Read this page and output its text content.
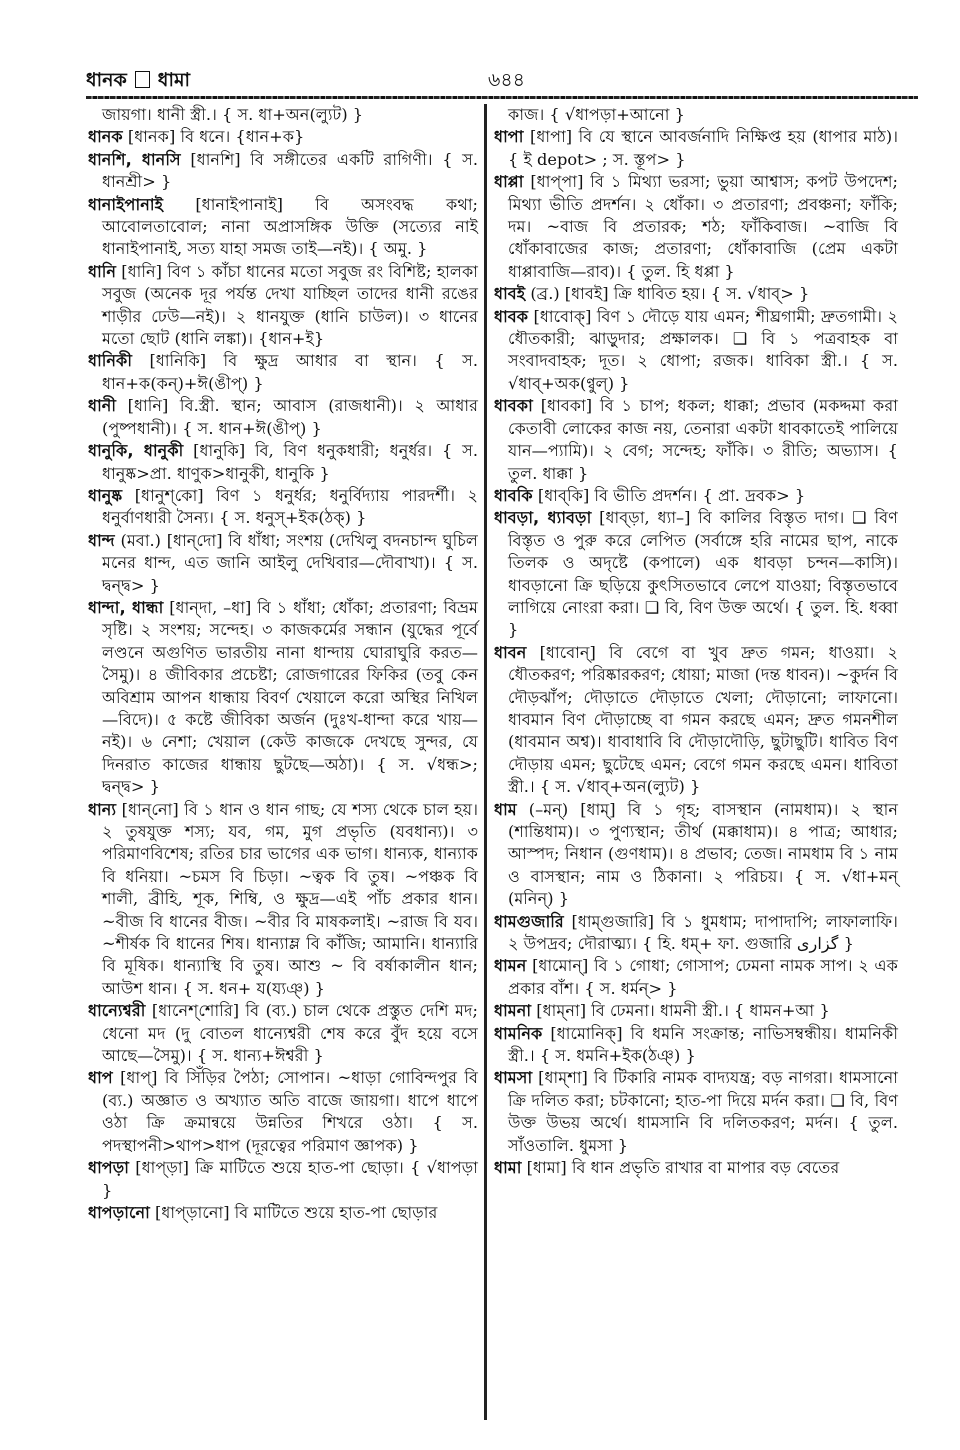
ধানক ধামা	৬৪৪

জায়গা। ধানী স্ত্রী.। { স. ধা+অন(ল্যুট) }

ধানক [ধানক] বি ধনে। {ধান+ক}

ধানশি, ধানসি [ধানশি] বি সঙ্গীতের একটি রাগিণী। { স. ধানশ্রী> }

ধানাইপানাই [ধানাইপানাই] বি অসংবদ্ধ কথা; আবোলতাবোল; নানা অপ্রাসঙ্গিক উক্তি (সত্যের নাই ধানাইপানাই, সত্য যাহা সমজ তাই—নই)। { অমু. }

ধানি [ধানি] বিণ ১ কাঁচা ধানের মতো সবুজ রং বিশিষ্ট; হালকা সবুজ (অনেক দূর পর্যন্ত দেখা যাচ্ছিল তাদের ধানী রঙের শাড়ীর ঢেউ—নই)। ২ ধানযুক্ত (ধানি চাউল)। ৩ ধানের মতো ছোট (ধানি লঙ্কা)। {ধান+ই}

ধানিকী [ধানিকি] বি ক্ষুদ্র আধার বা স্থান। { স. ধান+ক(কন্)+ঈ(ঙীপ্) }

ধানী [ধানি] বি.স্ত্রী. স্থান; আবাস (রাজধানী)। ২ আধার (পুষ্পধানী)। { স. ধান+ঈ(ঙীপ্) }

ধানুকি, ধানুকী [ধানুকি] বি, বিণ ধনুকধারী; ধনুর্ধর। { স. ধানুষ্ক>প্রা. ধাণুক>ধানুকী, ধানুকি }

ধানুষ্ক [ধানুশ্‌কো] বিণ ১ ধনুর্ধর; ধনুর্বিদ্যায় পারদর্শী। ২ ধনুর্বাণধারী সৈন্য। { স. ধনুস্+ইক(ঠক্) }

ধান্দ (মবা.) [ধান্‌দো] বি ধাঁধা; সংশয় (দেখিলু বদনচান্দ ঘুচিল মনের ধান্দ, এত জানি আইলু দেখিবার—দৌবাখা)। { স. দ্বন্দ্ব> }

ধান্দা, ধান্ধা [ধান্‌দা, –ধা] বি ১ ধাঁধা; ধোঁকা; প্রতারণা; বিভ্রম সৃষ্টি। ২ সংশয়; সন্দেহ। ৩ কাজকর্মের সন্ধান (যুদ্ধের পূর্বে লণ্ডনে অগুণিত ভারতীয় নানা ধান্দায় ঘোরাঘুরি করত—সৈমু)। ৪ জীবিকার প্রচেষ্টা; রোজগারের ফিকির (তবু কেন অবিশ্রাম আপন ধান্ধায় বিবর্ণ খেয়ালে করো অস্থির নিখিল—বিদে)। ৫ কষ্টে জীবিকা অর্জন (দুঃখ-ধান্দা করে খায়—নই)। ৬ নেশা; খেয়াল (কেউ কাজকে দেখছে সুন্দর, যে দিনরাত কাজের ধান্ধায় ছুটছে—অঠা)। { স. √ধন্ধ>; দ্বন্দ্ব> }

ধান্য [ধান্‌নো] বি ১ ধান ও ধান গাছ; যে শস্য থেকে চাল হয়। ২ তুষযুক্ত শস্য; যব, গম, মুগ প্রভৃতি (যবধান্য)। ৩ পরিমাণবিশেষ; রতির চার ভাগের এক ভাগ। ধান্যক, ধান্যাক বি ধনিয়া। ~চমস বি চিড়া। ~ত্বক বি তুষ। ~পঞ্চক বি শালী, ব্রীহি, শূক, শিম্বি, ও ক্ষুদ্র—এই পাঁচ প্রকার ধান। ~বীজ বি ধানের বীজ। ~বীর বি মাষকলাই। ~রাজ বি যব। ~শীর্ষক বি ধানের শিষ। ধান্যাম্ল বি কাঁজি; আমানি। ধান্যারি বি মূষিক। ধান্যাস্থি বি তুষ। আশু ~ বি বর্ষাকালীন ধান; আউশ ধান। { স. ধন+ য(য্যঞ্) }

ধান্যেশ্বরী [ধানেশ্‌শোরি] বি (ব্য.) চাল থেকে প্রস্তুত দেশি মদ; ধেনো মদ (দু বোতল ধান্যেশ্বরী শেষ করে বুঁদ হয়ে বসে আছে—সৈমু)। { স. ধান্য+ঈশ্বরী }

ধাপ [ধাপ্] বি সিঁড়ির পৈঠা; সোপান। ~ধাড়া গোবিন্দপুর বি (ব্য.) অজ্ঞাত ও অখ্যাত অতি বাজে জায়গা। ধাপে ধাপে ওঠা ক্রি ক্রমান্বয়ে উন্নতির শিখরে ওঠা। { স. পদস্থাপনী>থাপ>ধাপ (দূরত্বের পরিমাণ জ্ঞাপক) }

ধাপড়া [ধাপ্‌ড়া] ক্রি মাটিতে শুয়ে হাত-পা ছোড়া। { √ধাপড়া }

ধাপড়ানো [ধাপ্‌ড়ানো] বি মাটিতে শুয়ে হাত-পা ছোড়ার

কাজ। { √ধাপড়া+আনো }

ধাপা [ধাপা] বি যে স্থানে আবর্জনাদি নিক্ষিপ্ত হয় (ধাপার মাঠ)। { ই depot> ; স. স্তূপ> }

ধাপ্পা [ধাপ্‌পা] বি ১ মিথ্যা ভরসা; ভুয়া আশ্বাস; কপট উপদেশ; মিথ্যা ভীতি প্রদর্শন। ২ ধোঁকা। ৩ প্রতারণা; প্রবঞ্চনা; ফাঁকি; দম। ~বাজ বি প্রতারক; শঠ; ফাঁকিবাজ। ~বাজি বি ধোঁকাবাজের কাজ; প্রতারণা; ধোঁকাবাজি (প্রেম একটা ধাপ্পাবাজি—রাব)। { তুল. হি ধপ্পা }

ধাবই (ব্র.) [ধাবই] ক্রি ধাবিত হয়। { স. √ধাব্> }

ধাবক [ধাবোক্] বিণ ১ দৌড়ে যায় এমন; শীঘ্রগামী; দ্রুতগামী। ২ ধৌতকারী; ঝাড়ুদার; প্রক্ষালক। ❑ বি ১ পত্রবাহক বা সংবাদবাহক; দূত। ২ ধোপা; রজক। ধাবিকা স্ত্রী.। { স. √ধাব্+অক(ণ্বুল্) }

ধাবকা [ধাবকা] বি ১ চাপ; ধকল; ধাক্কা; প্রভাব (মকদ্দমা করা কেতাবী লোকের কাজ নয়, তেনারা একটা ধাবকাতেই পালিয়ে যান—প্যামি)। ২ বেগ; সন্দেহ; ফাঁকি। ৩ রীতি; অভ্যাস। { তুল. ধাক্কা }

ধাবকি [ধাব্‌কি] বি ভীতি প্রদর্শন। { প্রা. দ্রবক> }

ধাবড়া, ধ্যাবড়া [ধাব্‌ড়া, ধ্যা–] বি কালির বিস্তৃত দাগ। ❑ বিণ বিস্তৃত ও পুরু করে লেপিত (সর্বাঙ্গে হরি নামের ছাপ, নাকে তিলক ও অদৃষ্টে (কপালে) এক ধাবড়া চন্দন—কাসি)। ধাবড়ানো ক্রি ছড়িয়ে কুৎসিতভাবে লেপে যাওয়া; বিস্তৃতভাবে লাগিয়ে নোংরা করা। ❑ বি, বিণ উক্ত অর্থে। { তুল. হি. ধব্বা }

ধাবন [ধাবোন্] বি বেগে বা খুব দ্রুত গমন; ধাওয়া। ২ ধৌতকরণ; পরিষ্কারকরণ; ধোয়া; মাজা (দন্ত ধাবন)। ~কুর্দন বি দৌড়ঝাঁপ; দৌড়াতে দৌড়াতে খেলা; দৌড়ানো; লাফানো। ধাবমান বিণ দৌড়াচ্ছে বা গমন করছে এমন; দ্রুত গমনশীল (ধাবমান অশ্ব)। ধাবাধাবি বি দৌড়াদৌড়ি, ছুটাছুটি। ধাবিত বিণ দৌড়ায় এমন; ছুটেছে এমন; বেগে গমন করছে এমন। ধাবিতা স্ত্রী.। { স. √ধাব্+অন(ল্যুট) }

ধাম (–মন্) [ধাম্] বি ১ গৃহ; বাসস্থান (নামধাম)। ২ স্থান (শান্তিধাম)। ৩ পুণ্যস্থান; তীর্থ (মক্কাধাম)। ৪ পাত্র; আধার; আস্পদ; নিধান (গুণধাম)। ৪ প্রভাব; তেজ। নামধাম বি ১ নাম ও বাসস্থান; নাম ও ঠিকানা। ২ পরিচয়। { স. √ধা+মন্ (মনিন্) }

ধামগুজারি [ধাম্‌গুজারি] বি ১ ধুমধাম; দাপাদাপি; লাফালাফি। ২ উপদ্রব; দৌরাত্ম্য। { হি. ধম্+ ফা. গুজারি گزاری }

ধামন [ধামোন্] বি ১ গোধা; গোসাপ; ঢেমনা নামক সাপ। ২ এক প্রকার বাঁশ। { স. ধর্মন্> }

ধামনা [ধাম্‌না] বি ঢেমনা। ধামনী স্ত্রী.। { ধামন+আ }

ধামনিক [ধামোনিক্] বি ধমনি সংক্রান্ত; নাভিসম্বন্ধীয়। ধামনিকী স্ত্রী.। { স. ধমনি+ইক(ঠঞ্) }

ধামসা [ধাম্‌শা] বি টিকারি নামক বাদ্যযন্ত্র; বড় নাগরা। ধামসানো ক্রি দলিত করা; চটকানো; হাত-পা দিয়ে মর্দন করা। ❑ বি, বিণ উক্ত উভয় অর্থে। ধামসানি বি দলিতকরণ; মর্দন। { তুল. সাঁওতালি. ধুমসা }

ধামা [ধামা] বি ধান প্রভৃতি রাখার বা মাপার বড় বেতের
